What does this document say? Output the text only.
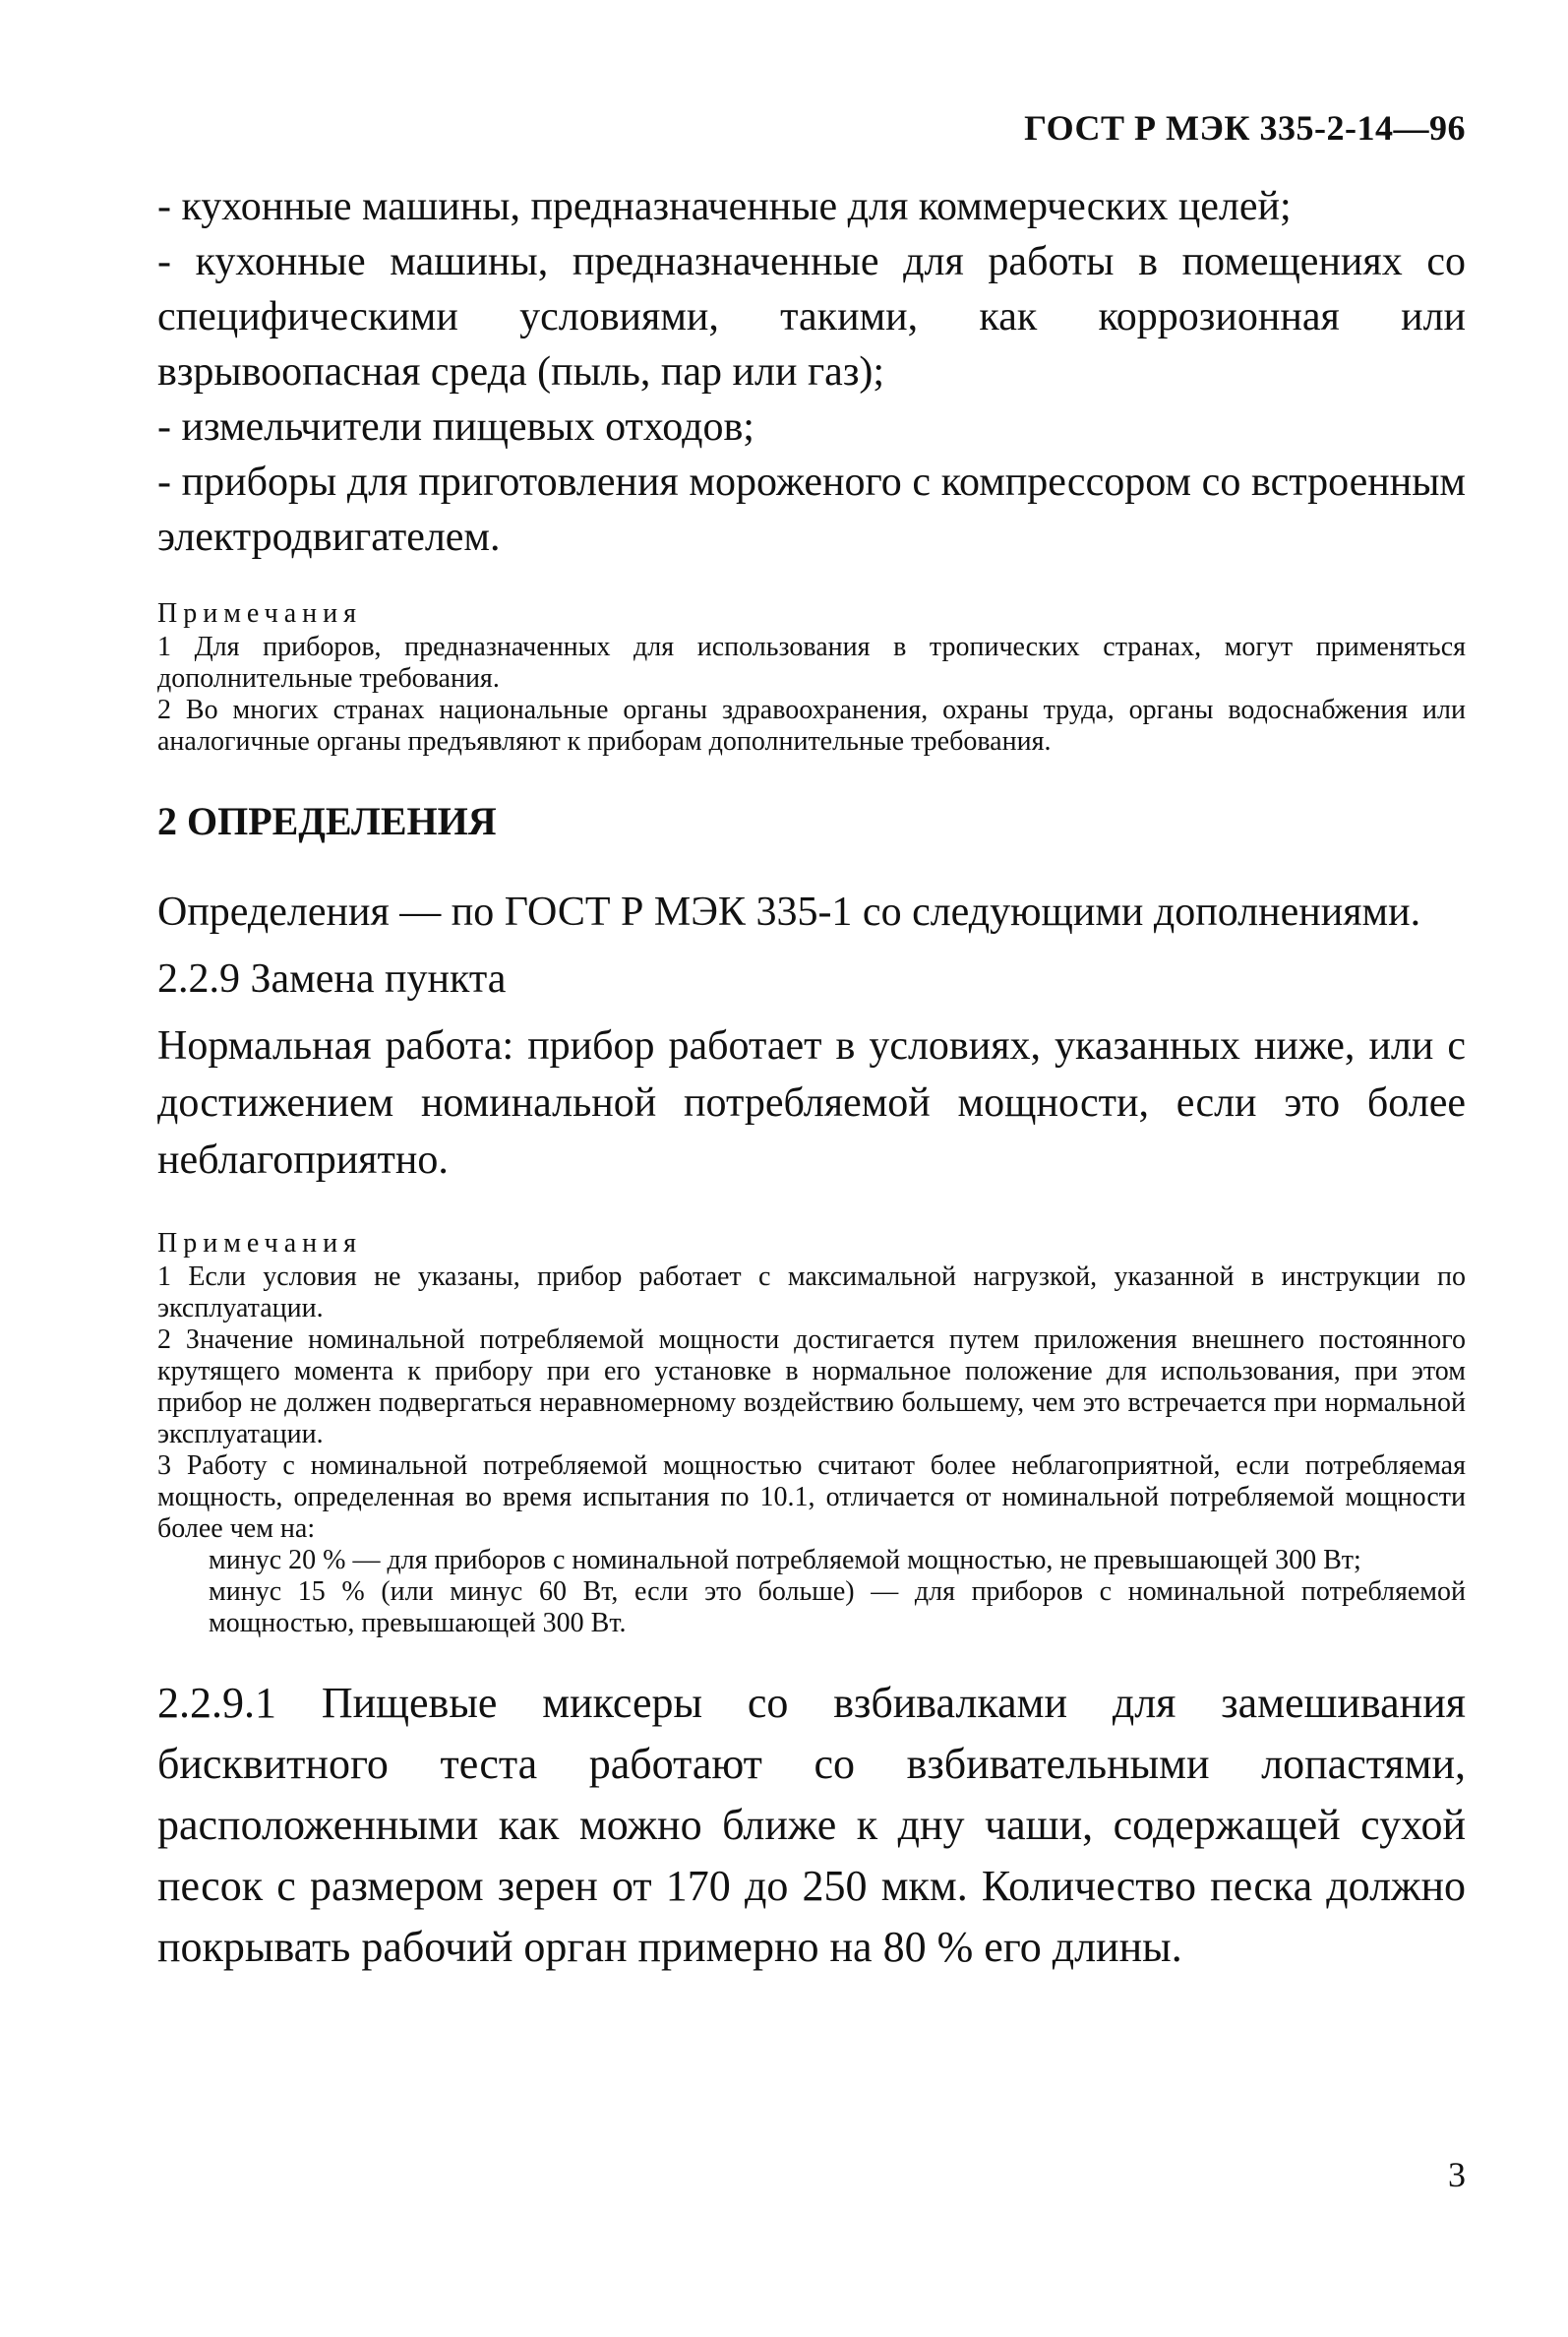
ГОСТ Р МЭК 335-2-14—96

- кухонные машины, предназначенные для коммерческих целей;

- кухонные машины, предназначенные для работы в помещениях со специфическими условиями, такими, как коррозионная или взрывоопасная среда (пыль, пар или газ);

- измельчители пищевых отходов;

- приборы для приготовления мороженого с компрессором со встроенным электродвигателем.

Примечания

1 Для приборов, предназначенных для использования в тропических странах, могут применяться дополнительные требования.

2 Во многих странах национальные органы здравоохранения, охраны труда, органы водоснабжения или аналогичные органы предъявляют к приборам дополнительные требования.

2 ОПРЕДЕЛЕНИЯ

Определения — по ГОСТ Р МЭК 335-1 со следующими дополнениями.

2.2.9 Замена пункта

Нормальная работа: прибор работает в условиях, указанных ниже, или с достижением номинальной потребляемой мощности, если это более неблагоприятно.

Примечания

1 Если условия не указаны, прибор работает с максимальной нагрузкой, указанной в инструкции по эксплуатации.

2 Значение номинальной потребляемой мощности достигается путем приложения внешнего постоянного крутящего момента к прибору при его установке в нормальное положение для использования, при этом прибор не должен подвергаться неравномерному воздействию большему, чем это встречается при нормальной эксплуатации.

3 Работу с номинальной потребляемой мощностью считают более неблагоприятной, если потребляемая мощность, определенная во время испытания по 10.1, отличается от номинальной потребляемой мощности более чем на:

минус 20 % — для приборов с номинальной потребляемой мощностью, не превышающей 300 Вт;

минус 15 % (или минус 60 Вт, если это больше) — для приборов с номинальной потребляемой мощностью, превышающей 300 Вт.

2.2.9.1 Пищевые миксеры со взбивалками для замешивания бисквитного теста работают со взбивательными лопастями, расположенными как можно ближе к дну чаши, содержащей сухой песок с размером зерен от 170 до 250 мкм. Количество песка должно покрывать рабочий орган примерно на 80 % его длины.

3
